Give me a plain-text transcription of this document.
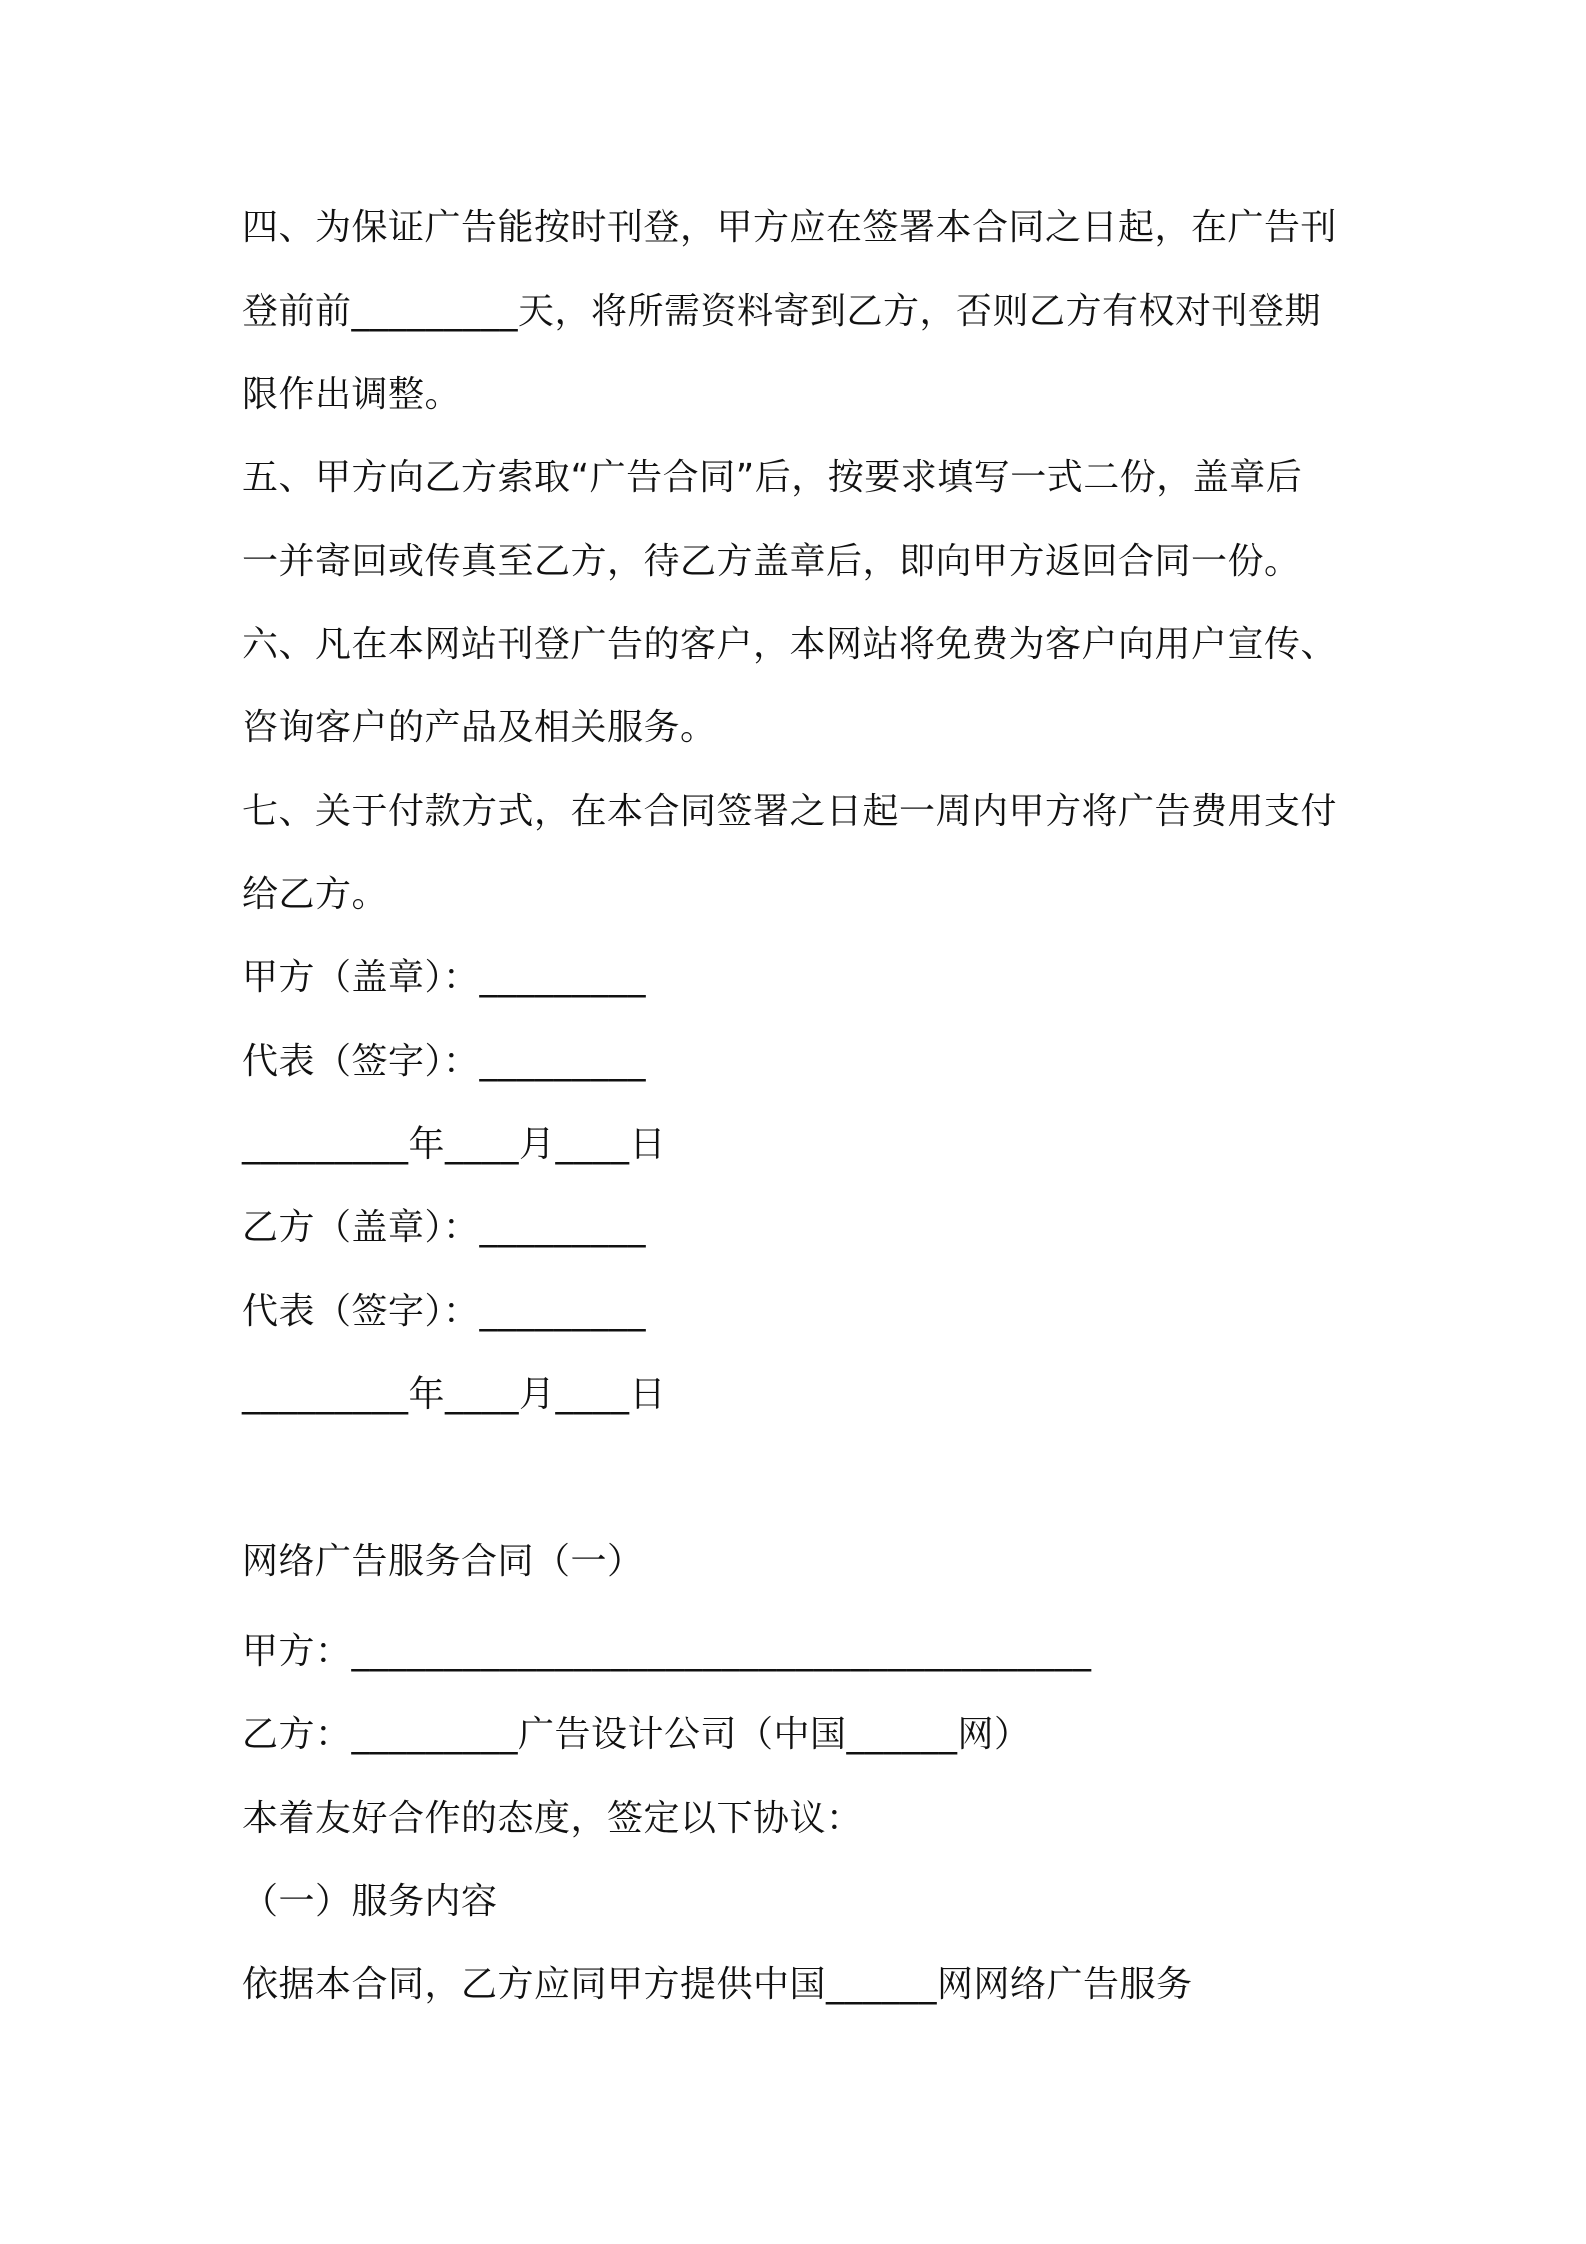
四、为保证广告能按时刊登，甲方应在签署本合同之日起，在广告刊
登前前_________天，将所需资料寄到乙方，否则乙方有权对刊登期
限作出调整。
五、甲方向乙方索取“广告合同”后，按要求填写一式二份，盖章后
一并寄回或传真至乙方，待乙方盖章后，即向甲方返回合同一份。
六、凡在本网站刊登广告的客户，本网站将免费为客户向用户宣传、
咨询客户的产品及相关服务。
七、关于付款方式，在本合同签署之日起一周内甲方将广告费用支付
给乙方。
甲方（盖章）：_________
代表（签字）：_________
_________年____月____日
乙方（盖章）：_________
代表（签字）：_________
_________年____月____日
网络广告服务合同（一）
甲方：________________________________________
乙方：_________广告设计公司（中国______网）
本着友好合作的态度，签定以下协议：
（一）服务内容
依据本合同，乙方应同甲方提供中国______网网络广告服务
